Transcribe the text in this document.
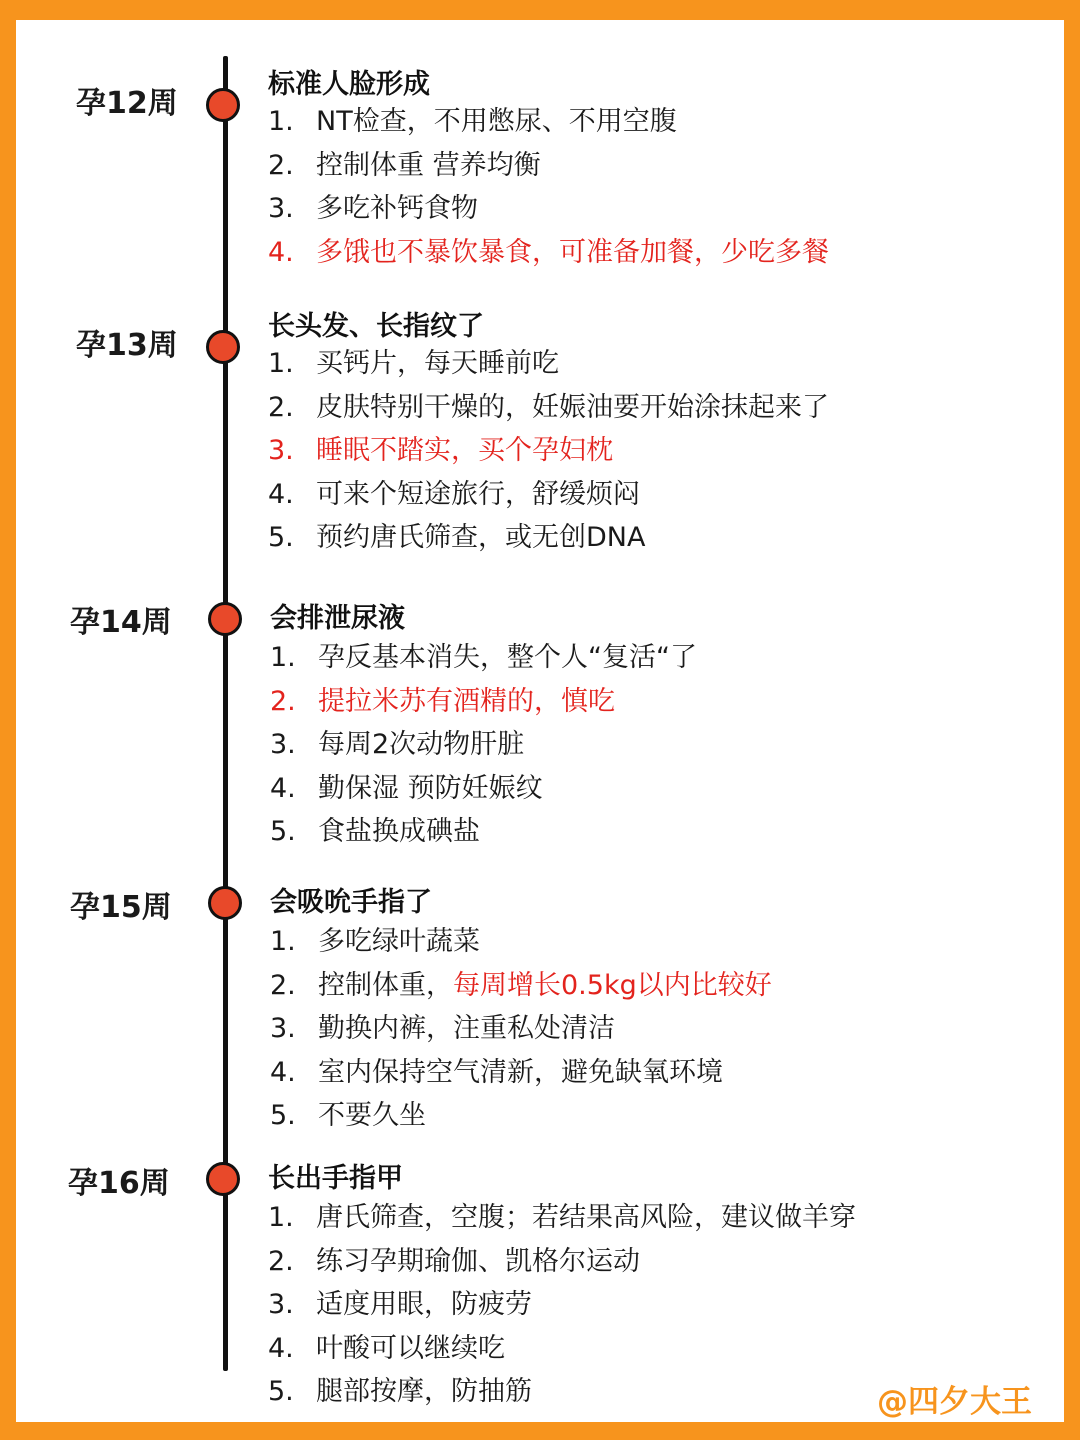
孕12周
标准人脸形成
1. NT检查，不用憋尿、不用空腹
2. 控制体重 营养均衡
3. 多吃补钙食物
4. 多饿也不暴饮暴食，可准备加餐，少吃多餐
孕13周
长头发、长指纹了
1. 买钙片，每天睡前吃
2. 皮肤特别干燥的，妊娠油要开始涂抹起来了
3. 睡眠不踏实，买个孕妇枕
4. 可来个短途旅行，舒缓烦闷
5. 预约唐氏筛查，或无创DNA
孕14周	会排泄尿液
1. 孕反基本消失，整个人“复活“了
2. 提拉米苏有酒精的，慎吃
3. 每周2次动物肝脏
4. 勤保湿 预防妊娠纹
5. 食盐换成碘盐
孕15周	会吸吮手指了
1. 多吃绿叶蔬菜
2. 控制体重， 每周增长0.5kg以内比较好
3. 勤换内裤，注重私处清洁
4. 室内保持空气清新，避免缺氧环境
5. 不要久坐
孕16周	长出手指甲
1. 唐氏筛查，空腹；若结果高风险，建议做羊穿
2. 练习孕期瑜伽、凯格尔运动
3. 适度用眼，防疲劳
4. 叶酸可以继续吃
5. 腿部按摩，防抽筋	@四夕大王
